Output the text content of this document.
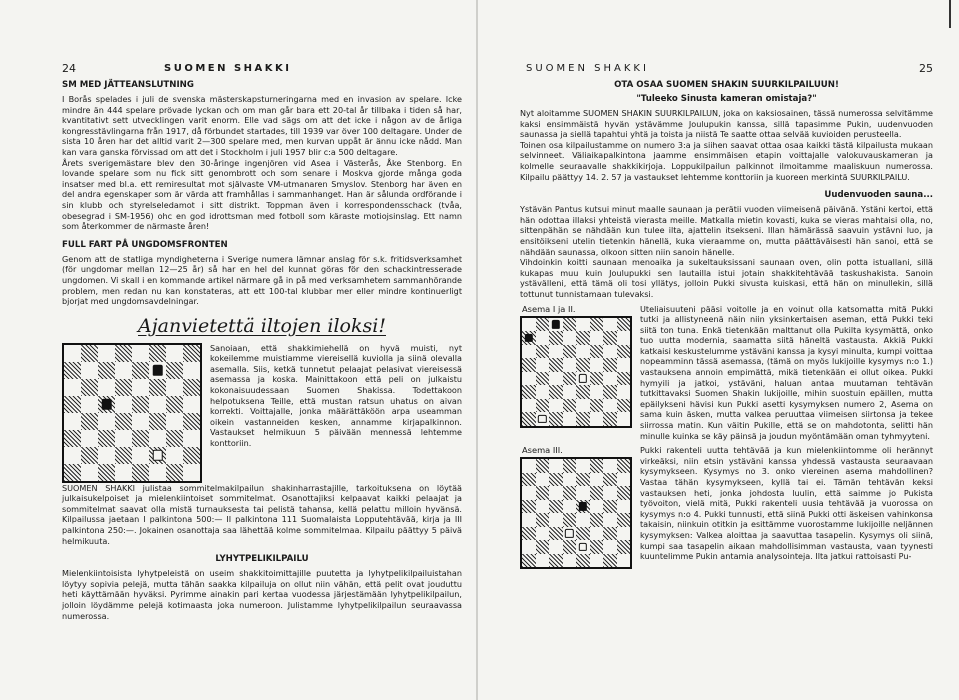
24	SUOMEN SHAKKI
SM MED JÄTTEANSLUTNING

I Borås spelades i juli de svenska mästerskapsturneringarna med en invasion av spelare. Icke mindre än 444 spelare prövade lyckan och om man går bara ett 20-tal år tillbaka i tiden så har, kvantitativt sett utvecklingen varit enorm. Elle vad sägs om att det icke i någon av de årliga kongresstävlingarna från 1917, då förbundet startades, till 1939 var över 100 deltagare. Under de sista 10 åren har det alltid varit 2—300 spelare med, men kurvan uppåt är ännu icke nådd. Man kan vara ganska förvissad om att det i Stockholm i juli 1957 blir c:a 500 deltagare.

Årets sverigemästare blev den 30-åringe ingenjören vid Asea i Västerås, Åke Stenborg. En lovande spelare som nu fick sitt genombrott och som senare i Moskva gjorde många goda insatser med bl.a. ett remiresultat mot självaste VM-utmanaren Smyslov. Stenborg har även en del andra egenskaper som är värda att framhållas i sammanhanget. Han är sålunda ordförande i sin klubb och styrelseledamot i sitt distrikt. Toppman även i korrespondensschack (tvåa, obesegrad i SM-1956) ohc en god idrottsman med fotboll som käraste motiojsinslag. Ett namn som återkommer de närmaste åren!

FULL FART PÅ UNGDOMSFRONTEN

Genom att de statliga myndigheterna i Sverige numera lämnar anslag för s.k. fritidsverksamhet (för ungdomar mellan 12—25 år) så har en hel del kunnat göras för den schackintresserade ungdomen. Vi skall i en kommande artikel närmare gå in på med verksamhetem sammanhörande problem, men redan nu kan konstateras, att ett 100-tal klubbar mer eller mindre kontinuerligt bjorjat med ungdomsavdelningar.

Ajanvietettä iltojen iloksi!

Sanoiaan, että shakkimiehellä on hyvä muisti, nyt kokeilemme muistiamme viereisellä kuviolla ja siinä olevalla asemalla. Siis, ketkä tunnetut pelaajat pelasivat viereisessä asemassa ja koska. Mainittakoon että peli on julkaistu kokonaisuudessaan Suomen Shakissa. Todettakoon helpotuksena Teille, että mustan ratsun uhatus on aivan korrekti. Voittajalle, jonka määrättäköön arpa useamman oikein vastanneiden kesken, annamme kirjapalkinnon. Vastaukset helmikuun 5 päivään mennessä lehtemme konttoriin.

SUOMEN SHAKKI julistaa sommitelmakilpailun shakinharrastajille, tarkoituksena on löytää julkaisukelpoiset ja mielenkiintoiset sommitelmat. Osanottajiksi kelpaavat kaikki pelaajat ja sommitelmat saavat olla mistä turnauksesta tai pelistä tahansa, kellä pelattu milloin hyvänsä. Kilpailussa jaetaan I palkintona 500:— II palkintona 111 Suomalaista Lopputehtävää, kirja ja III palkintona 250:—. Jokainen osanottaja saa lähettää kolme sommitelmaa. Kilpailu päättyy 5 päivä helmikuuta.

LYHYTPELIKILPAILU

Mielenkiintoisista lyhytpeleistä on useim shakkitoimittajille puutetta ja lyhytpelikilpailuistahan löytyy sopivia pelejä, mutta tähän saakka kilpailuja on ollut niin vähän, että pelit ovat jouduttu heti käyttämään hyväksi. Pyrimme ainakin pari kertaa vuodessa järjestämään lyhytpelikilpailun, jolloin löydämme pelejä kotimaasta joka numeroon. Julistamme lyhytpelikilpailun seuraavassa numerossa.

SUOMEN SHAKKI	25
OTA OSAA SUOMEN SHAKIN SUURKILPAILUUN!
"Tuleeko Sinusta kameran omistaja?"

Nyt aloitamme SUOMEN SHAKIN SUURKILPAILUN, joka on kaksiosainen, tässä numerossa selvitämme kaksi ensimmäistä hyvän ystävämme Joulupukin kanssa, sillä tapasimme Pukin, uudenvuoden saunassa ja siellä tapahtui yhtä ja toista ja niistä Te saatte ottaa selvää kuvioiden perusteella.

Toinen osa kilpailustamme on numero 3:a ja siihen saavat ottaa osaa kaikki tästä kilpailusta mukaan selvinneet. Väliaikapalkintona jaamme ensimmäisen etapin voittajalle valokuvauskameran ja kolmelle seuraavalle shakkikirjoja. Loppukilpailun palkinnot ilmoitamme maaliskuun numerossa. Kilpailu päättyy 14. 2. 57 ja vastaukset lehtemme konttoriin ja kuoreen merkintä SUURKILPAILU.

Uudenvuoden sauna...

Ystävän Pantus kutsui minut maalle saunaan ja perätii vuoden viimeisenä päivänä. Ystäni kertoi, että hän odottaa illaksi yhteistä vierasta meille. Matkalla mietin kovasti, kuka se vieras mahtaisi olla, no, sittenpähän se nähdään kun tulee ilta, ajattelin itsekseni. Illan hämärässä saavuin ystävni luo, ja ensitöikseni utelin tietenkin hänellä, kuka vieraamme on, mutta päättäväisesti hän sanoi, että se nähdään saunassa, olkoon sitten niin sanoin hänelle.

Vihdoinkin koitti saunaan menoaika ja sukeltauksissani saunaan oven, olin potta istuallani, sillä kukapas muu kuin Joulupukki sen lautailla istui jotain shakkitehtävää taskushakista. Sanoin ystävälleni, että tämä oli tosi yllätys, jolloin Pukki sivusta kuiskasi, että hän on minullekin, sillä tottunut tunnistamaan tulevaksi.

Asema I ja II.	Uteliaisuuteni pääsi voitolle ja en voinut olla katsomatta mitä Pukki tutki ja allistyneenä näin niin yksinkertaisen aseman, että Pukki teki siitä ton tuna. Enkä tietenkään malttanut olla Pukilta kysymättä, onko tuo uutta modernia, saamatta siitä häneltä vastausta. Akkiä Pukki katkaisi keskustelumme ystäväni kanssa ja kysyi minulta, kumpi voittaa nopeamminn tässä asemassa, (tämä on myös lukijoille kysymys n:o 1.) vastauksena annoin empimättä, mikä tietenkään ei ollut oikea. Pukki hymyili ja jatkoi, ystäväni, haluan antaa muutaman tehtävän tutkittavaksi Suomen Shakin lukijoille, mihin suostuin epäillen, mutta epäilykseni hävisi kun Pukki asetti kysymyksen numero 2, Asema on sama kuin äsken, mutta valkea peruuttaa viimeisen siirtonsa ja tekee siirrossa matin. Kun väitin Pukille, että se on mahdotonta, selitti hän minulle kuinka se käy päinsä ja joudun myöntämään oman tyhmyyteni.

Asema III.	Pukki rakenteli uutta tehtävää ja kun mielenkiintomme oli herännyt virkeäksi, niin etsin ystäväni kanssa yhdessä vastausta seuraavaan kysymykseen. Kysymys no 3. onko viereinen asema mahdollinen? Vastaa tähän kysymykseen, kyllä tai ei. Tämän tehtävän keksi vastauksen heti, jonka johdosta luulin, että saimme jo Pukista työvoiton, vielä mitä, Pukki rakenteli uusia tehtävää ja vuorossa on kysymys n:o 4. Pukki tunnusti, että siinä Pukki otti äskeisen vahinkonsa takaisin, niinkuin otitkin ja esittämme vuorostamme lukijoille neljännen kysymyksen: Valkea aloittaa ja saavuttaa tasapelin. Kysymys oli siinä, kumpi saa tasapelin aikaan mahdollisimman vastausta, vaan tyynesti kuuntelimme Pukin antamia analysointeja. Ilta jatkui rattoisasti Pu-
